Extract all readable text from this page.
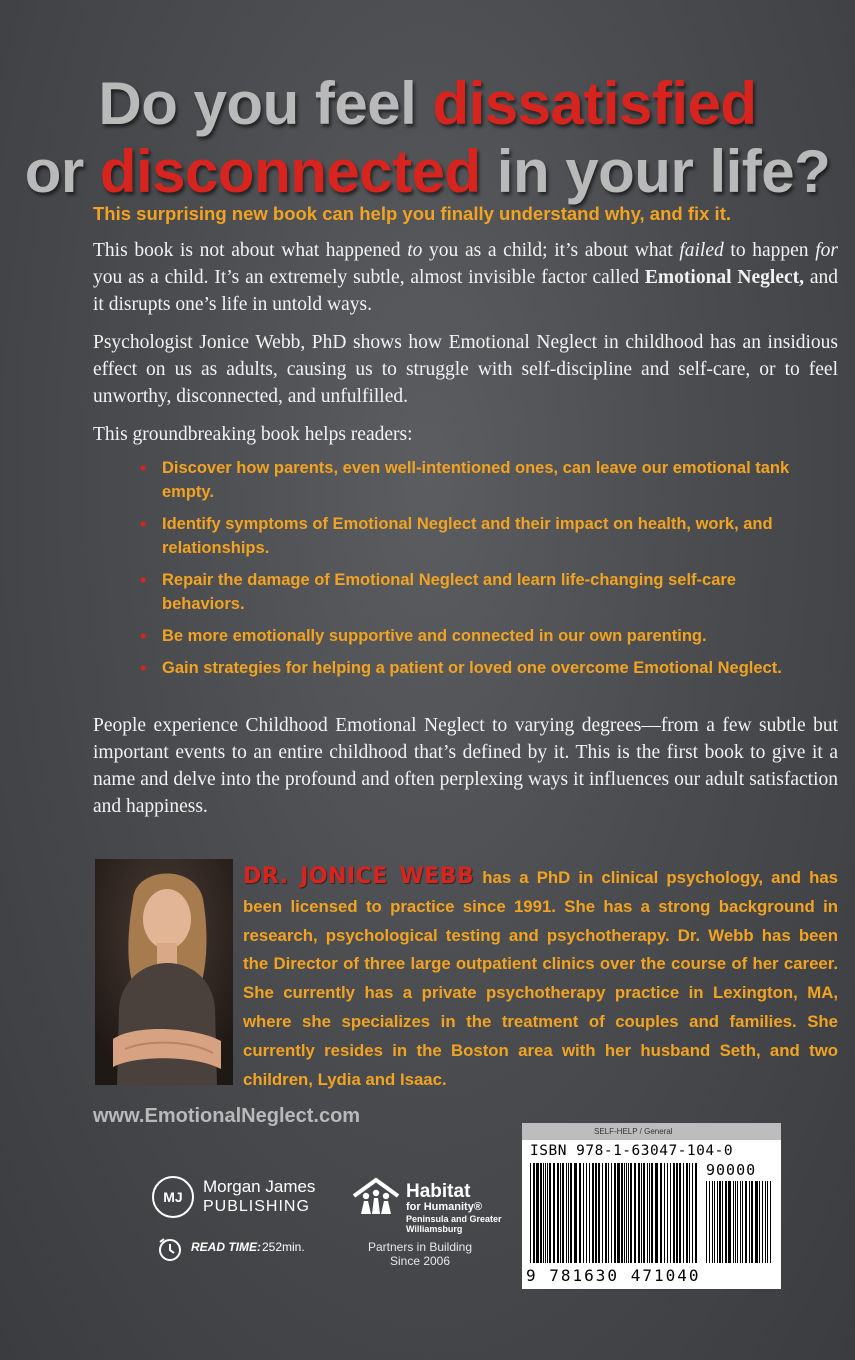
Do you feel dissatisfied
or disconnected in your life?
This surprising new book can help you finally understand why, and fix it.
This book is not about what happened to you as a child; it’s about what failed to happen for you as a child. It’s an extremely subtle, almost invisible factor called Emotional Neglect, and it disrupts one’s life in untold ways.
Psychologist Jonice Webb, PhD shows how Emotional Neglect in childhood has an insidious effect on us as adults, causing us to struggle with self-discipline and self-care, or to feel unworthy, disconnected, and unfulfilled.
This groundbreaking book helps readers:
• Discover how parents, even well-intentioned ones, can leave our emotional tank empty.
• Identify symptoms of Emotional Neglect and their impact on health, work, and relationships.
• Repair the damage of Emotional Neglect and learn life-changing self-care behaviors.
• Be more emotionally supportive and connected in our own parenting.
• Gain strategies for helping a patient or loved one overcome Emotional Neglect.
People experience Childhood Emotional Neglect to varying degrees—from a few subtle but important events to an entire childhood that’s defined by it. This is the first book to give it a name and delve into the profound and often perplexing ways it influences our adult satisfaction and happiness.
DR. JONICE WEBB has a PhD in clinical psychology, and has been licensed to practice since 1991. She has a strong background in research, psychological testing and psychotherapy. Dr. Webb has been the Director of three large outpatient clinics over the course of her career. She currently has a private psychotherapy practice in Lexington, MA, where she specializes in the treatment of couples and families. She currently resides in the Boston area with her husband Seth, and two children, Lydia and Isaac.
www.EmotionalNeglect.com
MJ
Morgan James
PUBLISHING
READ TIME: 252min.
Habitat
for Humanity®
Peninsula and Greater Williamsburg
Partners in Building Since 2006
SELF-HELP / General
ISBN 978-1-63047-104-0
90000
9 781630 471040
